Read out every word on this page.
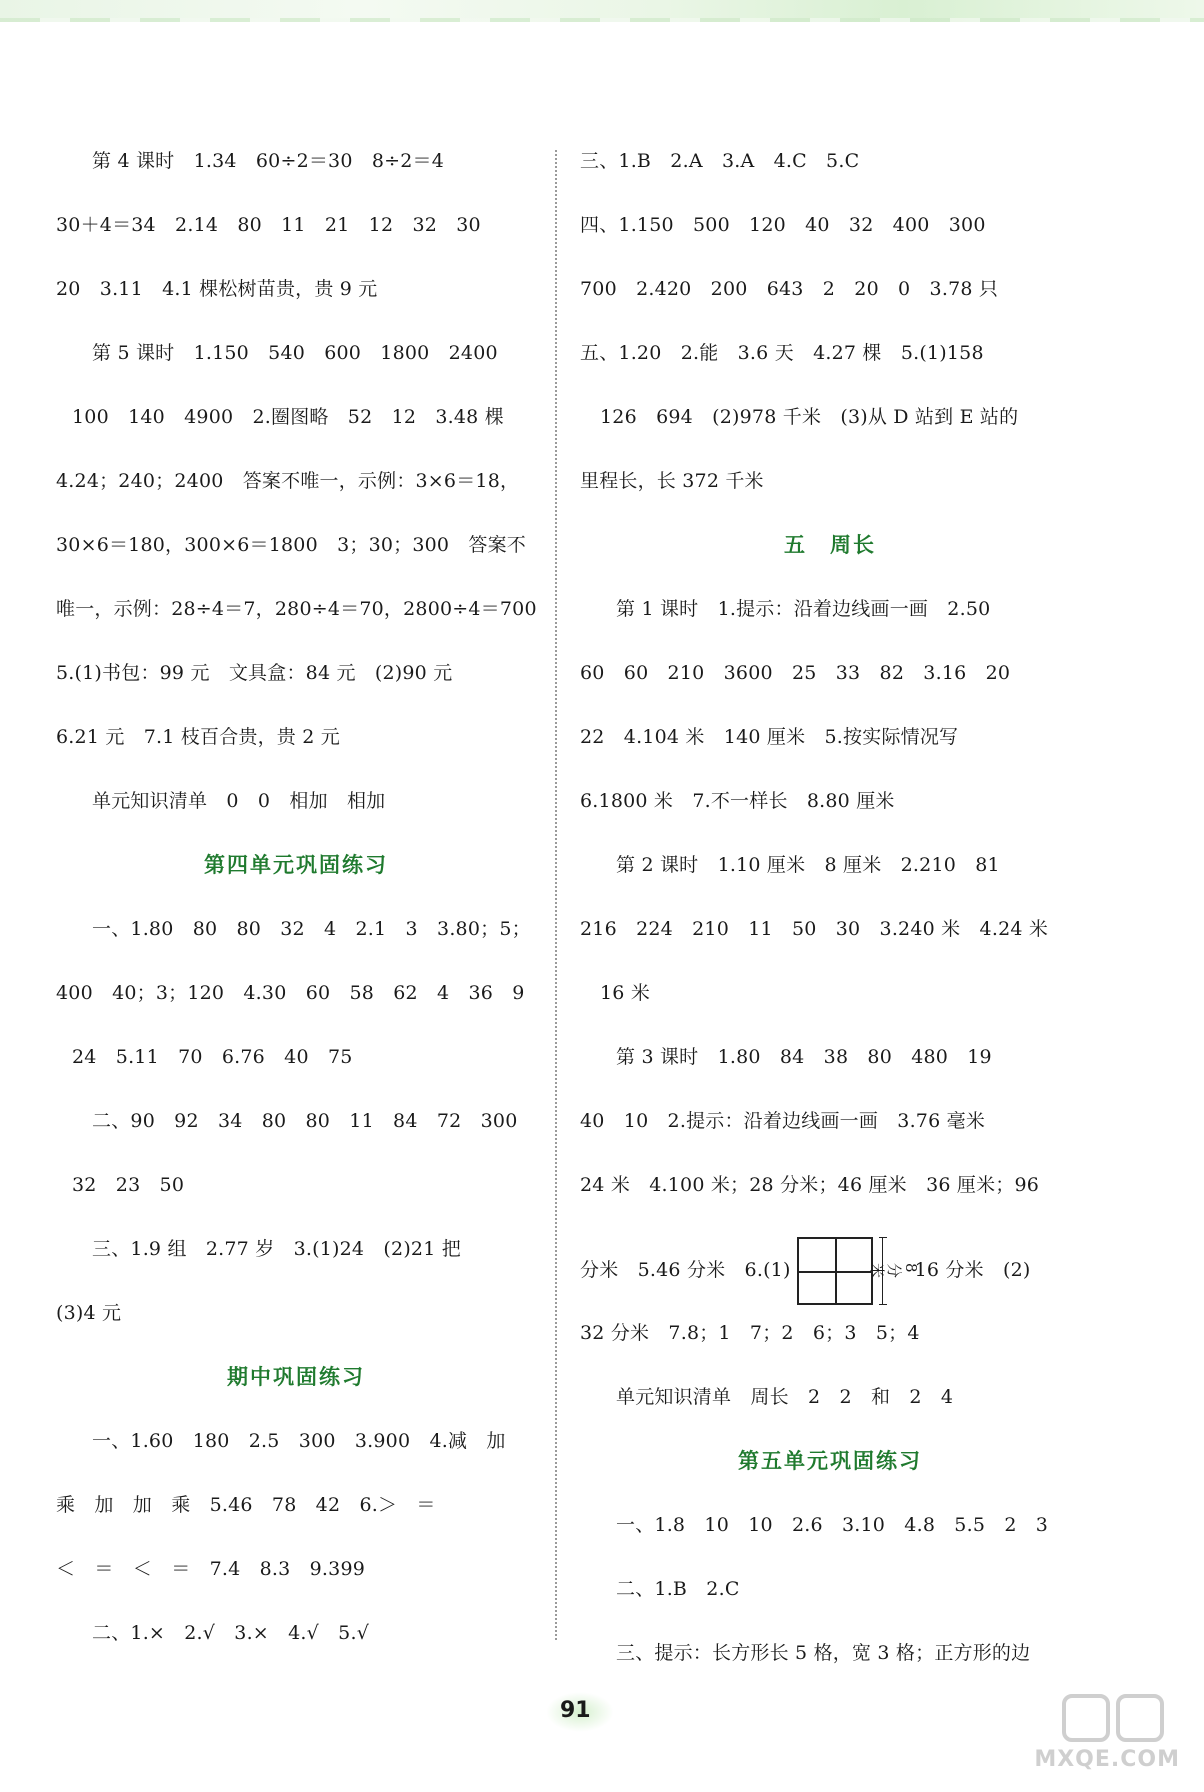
第 4 课时　1.34　60÷2＝30　8÷2＝4
30＋4＝34　2.14　80　11　21　12　32　30
20　3.11　4.1 棵松树苗贵，贵 9 元
第 5 课时　1.150　540　600　1800　2400
100　140　4900　2.圈图略　52　12　3.48 棵
4.24；240；2400　答案不唯一，示例：3×6＝18，
30×6＝180，300×6＝1800　3；30；300　答案不
唯一，示例：28÷4＝7，280÷4＝70，2800÷4＝700
5.(1)书包：99 元　文具盒：84 元　(2)90 元
6.21 元　7.1 枝百合贵，贵 2 元
单元知识清单　0　0　相加　相加
第四单元巩固练习
一、1.80　80　80　32　4　2.1　3　3.80；5；
400　40；3；120　4.30　60　58　62　4　36　9
24　5.11　70　6.76　40　75
二、90　92　34　80　80　11　84　72　300
32　23　50
三、1.9 组　2.77 岁　3.(1)24　(2)21 把
(3)4 元
期中巩固练习
一、1.60　180　2.5　300　3.900　4.减　加
乘　加　加　乘　5.46　78　42　6.＞　＝
＜　＝　＜　＝　7.4　8.3　9.399
二、1.×　2.√　3.×　4.√　5.√
三、1.B　2.A　3.A　4.C　5.C
四、1.150　500　120　40　32　400　300
700　2.420　200　643　2　20　0　3.78 只
五、1.20　2.能　3.6 天　4.27 棵　5.(1)158
126　694　(2)978 千米　(3)从 D 站到 E 站的
里程长，长 372 千米
五　周长
第 1 课时　1.提示：沿着边线画一画　2.50
60　60　210　3600　25　33　82　3.16　20
22　4.104 米　140 厘米　5.按实际情况写
6.1800 米　7.不一样长　8.80 厘米
第 2 课时　1.10 厘米　8 厘米　2.210　81
216　224　210　11　50　30　3.240 米　4.24 米
16 米
第 3 课时　1.80　84　38　80　480　19
40　10　2.提示：沿着边线画一画　3.76 毫米
24 米　4.100 米；28 分米；46 厘米　36 厘米；96
分米　5.46 分米　6.(1)	8分米	16 分米　(2)
32 分米　7.8；1　7；2　6；3　5；4
单元知识清单　周长　2　2　和　2　4
第五单元巩固练习
一、1.8　10　10　2.6　3.10　4.8　5.5　2　3
二、1.B　2.C
三、提示：长方形长 5 格，宽 3 格；正方形的边
91
MXQE.COM
